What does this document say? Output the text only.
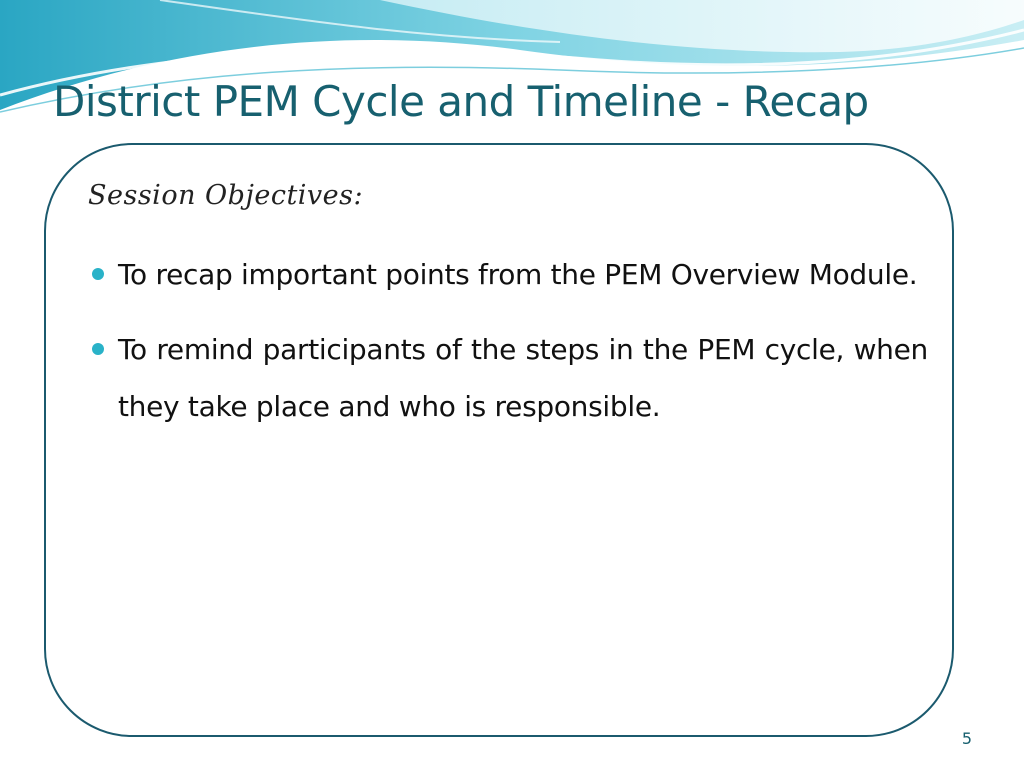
District PEM Cycle and Timeline - Recap
Session Objectives:
To recap important points from the PEM Overview Module.
To remind participants of the steps in the PEM cycle, when they take place and who is responsible.
5
